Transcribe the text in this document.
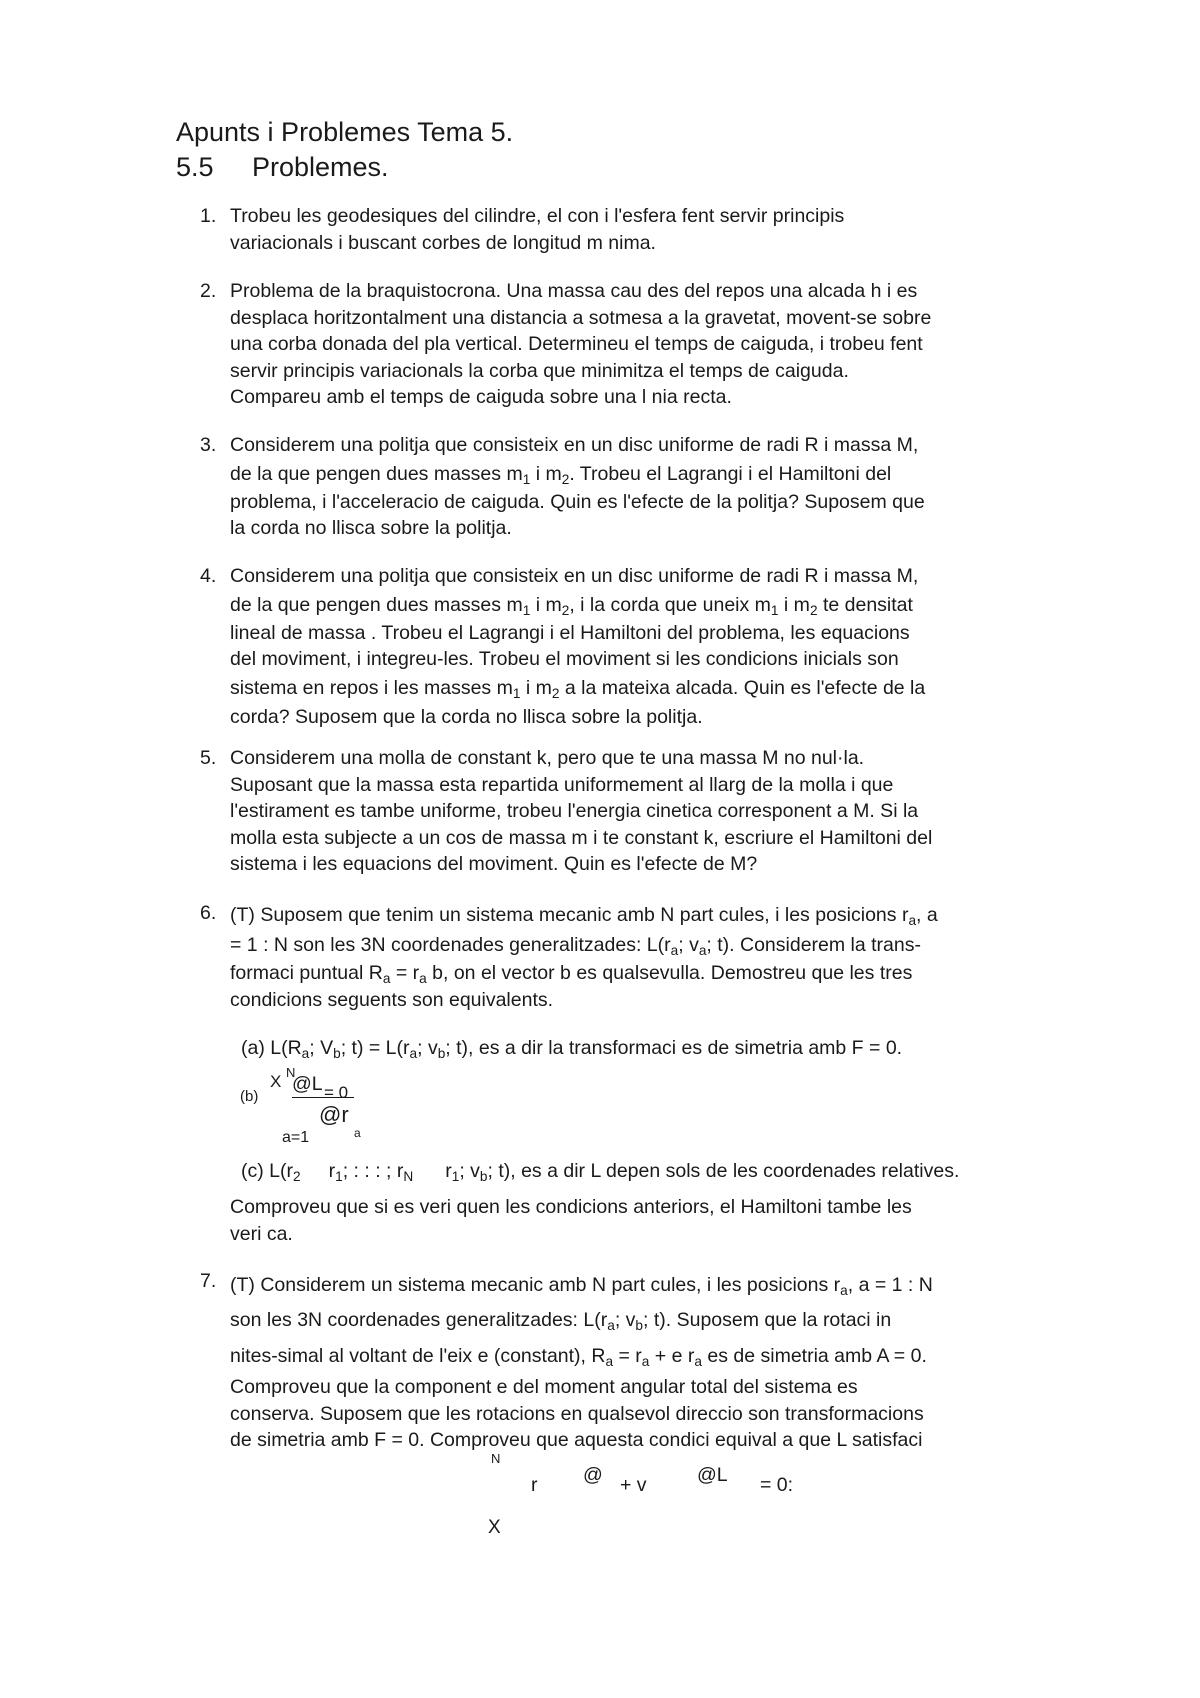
Apunts i Problemes Tema 5.
5.5 Problemes.
1. Trobeu les geodesiques del cilindre, el con i l'esfera fent servir principis

variacionals i buscant corbes de longitud m nima.

2. Problema de la braquistocrona. Una massa cau des del repos una alcada h i es

desplaca horitzontalment una distancia a sotmesa a la gravetat, movent-se sobre

una corba donada del pla vertical. Determineu el temps de caiguda, i trobeu fent

servir principis variacionals la corba que minimitza el temps de caiguda.

Compareu amb el temps de caiguda sobre una l nia recta.

3. Considerem una politja que consisteix en un disc uniforme de radi R i massa M,

de la que pengen dues masses $m_1$ i $m_2$. Trobeu el Lagrangi i el Hamiltoni del

problema, i l'acceleracio de caiguda. Quin es l'efecte de la politja? Suposem que

la corda no llisca sobre la politja.

4. Considerem una politja que consisteix en un disc uniforme de radi R i massa M,

de la que pengen dues masses $m_1$ i $m_2$, i la corda que uneix $m_1$ i $m_2$ te densitat

lineal de massa . Trobeu el Lagrangi i el Hamiltoni del problema, les equacions

del moviment, i integreu-les. Trobeu el moviment si les condicions inicials son

sistema en repos i les masses $m_1$ i $m_2$ a la mateixa alcada. Quin es l'efecte de la

corda? Suposem que la corda no llisca sobre la politja.

5. Considerem una molla de constant k, pero que te una massa M no nul·la.

Suposant que la massa esta repartida uniformement al llarg de la molla i que

l'estirament es tambe uniforme, trobeu l'energia cinetica corresponent a M. Si la

molla esta subjecte a un cos de massa m i te constant k, escriure el Hamiltoni del

sistema i les equacions del moviment. Quin es l'efecte de M?

6. (T) Suposem que tenim un sistema mecanic amb N part cules, i les posicions $r_a$, a

= 1 : N son les 3N coordenades generalitzades: $L(r_a$; $v_a$; t). Considerem la trans-

formaci puntual $R_a = r_a$ b, on el vector b es qualsevulla. Demostreu que les tres

condicions seguents son equivalents.

(a) $L(R_a$; $V_b$; $t) = L(r_a$; $v_b$; t), es a dir la transformaci es de simetria amb F = 0.
(b)
X N
@L = 0
@r
a
a=1
(c) $L(r_2$ $r_1$; : : : ; $r_N$ $r_1$; $v_b$; t), es a dir L depen sols de les coordenades relatives.

Comproveu que si es veri quen les condicions anteriors, el Hamiltoni tambe les

veri ca.

7. (T) Considerem un sistema mecanic amb N part cules, i les posicions $r_a$, a = 1 : N

son les 3N coordenades generalitzades: $L(r_a$; $v_b$; t). Suposem que la rotaci in

nites-simal al voltant de l'eix e (constant), $R_a = r_a + e$ $r_a$ es de simetria amb A = 0.

Comproveu que la component e del moment angular total del sistema es

conserva. Suposem que les rotacions en qualsevol direccio son transformacions

de simetria amb F = 0. Comproveu que aquesta condici equival a que L satisfaci

N
r @ + v	@L = 0:
X
